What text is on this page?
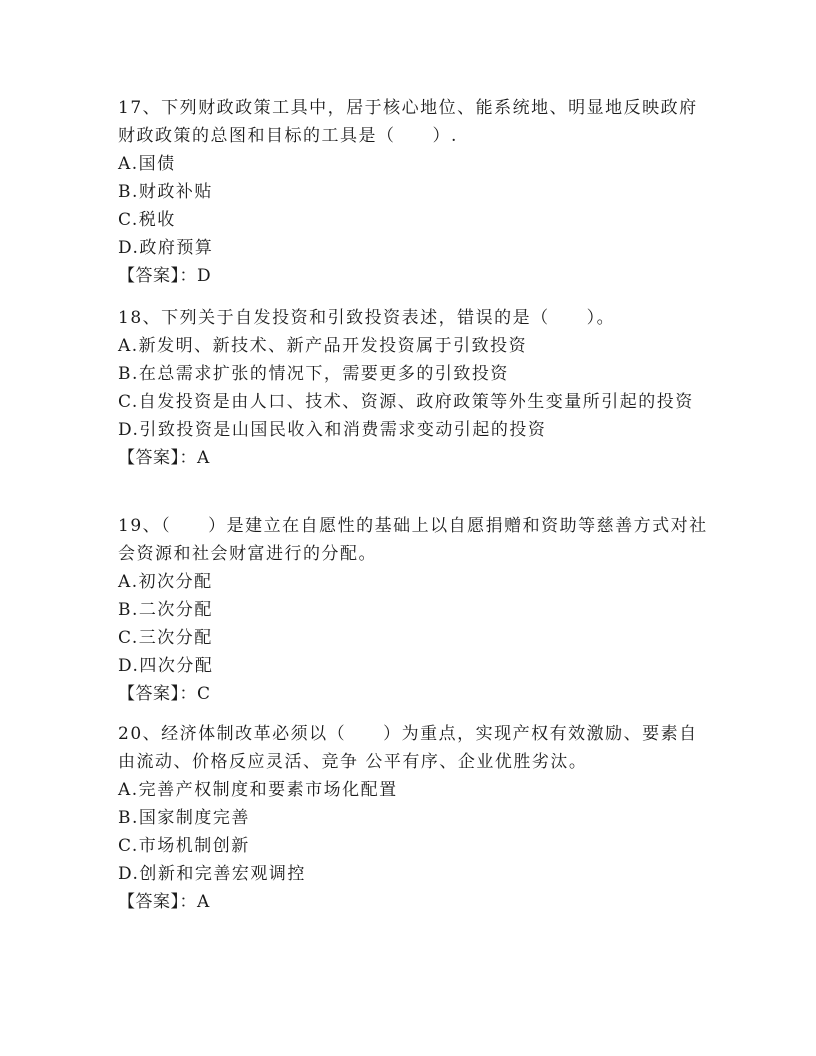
17、下列财政政策工具中，居于核心地位、能系统地、明显地反映政府财政政策的总图和目标的工具是（　　）.

A.国债

B.财政补贴

C.税收

D.政府预算

【答案】：D

18、下列关于自发投资和引致投资表述，错误的是（　　）。

A.新发明、新技术、新产品开发投资属于引致投资

B.在总需求扩张的情况下，需要更多的引致投资

C.自发投资是由人口、技术、资源、政府政策等外生变量所引起的投资

D.引致投资是山国民收入和消费需求变动引起的投资

【答案】：A

19、（　　）是建立在自愿性的基础上以自愿捐赠和资助等慈善方式对社会资源和社会财富进行的分配。

A.初次分配

B.二次分配

C.三次分配

D.四次分配

【答案】：C

20、经济体制改革必须以（　　）为重点，实现产权有效激励、要素自由流动、价格反应灵活、竞争 公平有序、企业优胜劣汰。

A.完善产权制度和要素市场化配置

B.国家制度完善

C.市场机制创新

D.创新和完善宏观调控

【答案】：A
